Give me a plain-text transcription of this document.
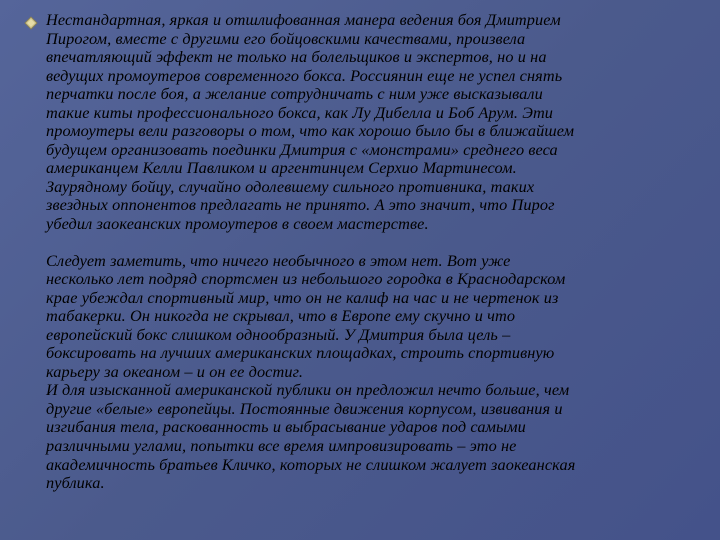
Нестандартная, яркая и отшлифованная манера ведения боя Дмитрием
Пирогом, вместе с другими его бойцовскими качествами, произвела
впечатляющий эффект не только на болельщиков и экспертов, но и на
ведущих промоутеров современного бокса. Россиянин еще не успел снять
перчатки после боя, а желание сотрудничать с ним уже высказывали
такие киты профессионального бокса, как Лу Дибелла и Боб Арум. Эти
промоутеры вели разговоры о том, что как хорошо было бы в ближайшем
будущем организовать поединки Дмитрия с «монстрами» среднего веса
американцем Келли Павликом и аргентинцем Серхио Мартинесом.
Заурядному бойцу, случайно одолевшему сильного противника, таких
звездных оппонентов предлагать не принято. А это значит, что Пирог
убедил заокеанских промоутеров в своем мастерстве.

Следует заметить, что ничего необычного в этом нет. Вот уже
несколько лет подряд спортсмен из небольшого городка в Краснодарском
крае убеждал спортивный мир, что он не калиф на час и не чертенок из
табакерки. Он никогда не скрывал, что в Европе ему скучно и что
европейский бокс слишком однообразный. У Дмитрия была цель –
боксировать на лучших американских площадках, строить спортивную
карьеру за океаном – и он ее достиг.
И для изысканной американской публики он предложил нечто больше, чем
другие «белые» европейцы. Постоянные движения корпусом, извивания и
изгибания тела, раскованность и выбрасывание ударов под самыми
различными углами, попытки все время импровизировать – это не
академичность братьев Кличко, которых не слишком жалует заокеанская
публика.
